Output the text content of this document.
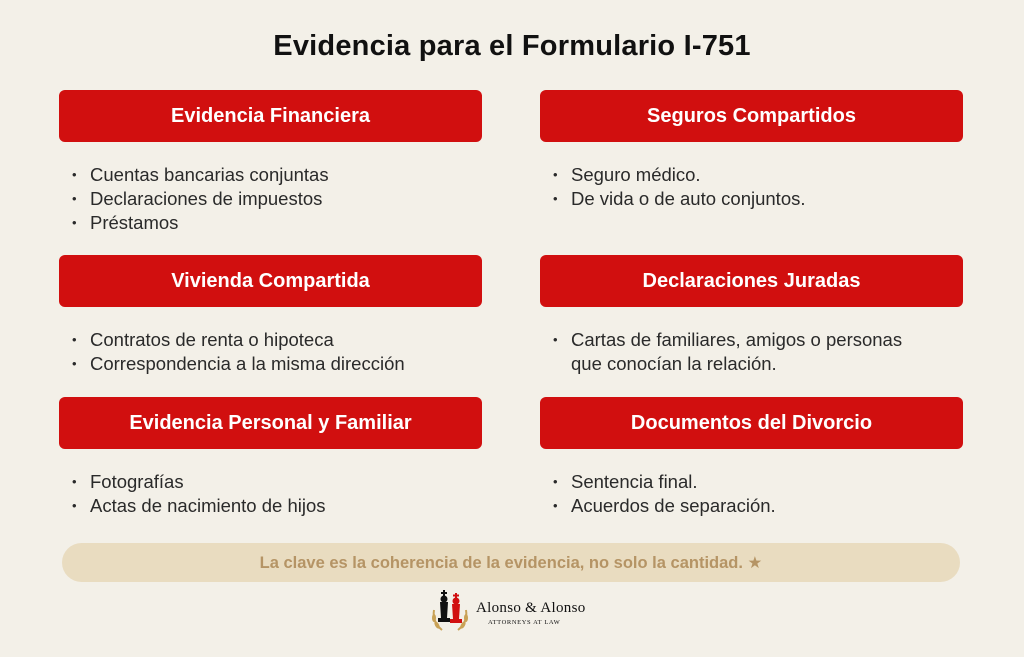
Evidencia para el Formulario I-751
Evidencia Financiera
• Cuentas bancarias conjuntas
• Declaraciones de impuestos
• Préstamos
Seguros Compartidos
• Seguro médico.
• De vida o de auto conjuntos.
Vivienda Compartida
• Contratos de renta o hipoteca
• Correspondencia a la misma dirección
Declaraciones Juradas
• Cartas de familiares, amigos o personas que conocían la relación.
Evidencia Personal y Familiar
• Fotografías
• Actas de nacimiento de hijos
Documentos del Divorcio
• Sentencia final.
• Acuerdos de separación.
La clave es la coherencia de la evidencia, no solo la cantidad. ★
Alonso & Alonso
ATTORNEYS AT LAW
